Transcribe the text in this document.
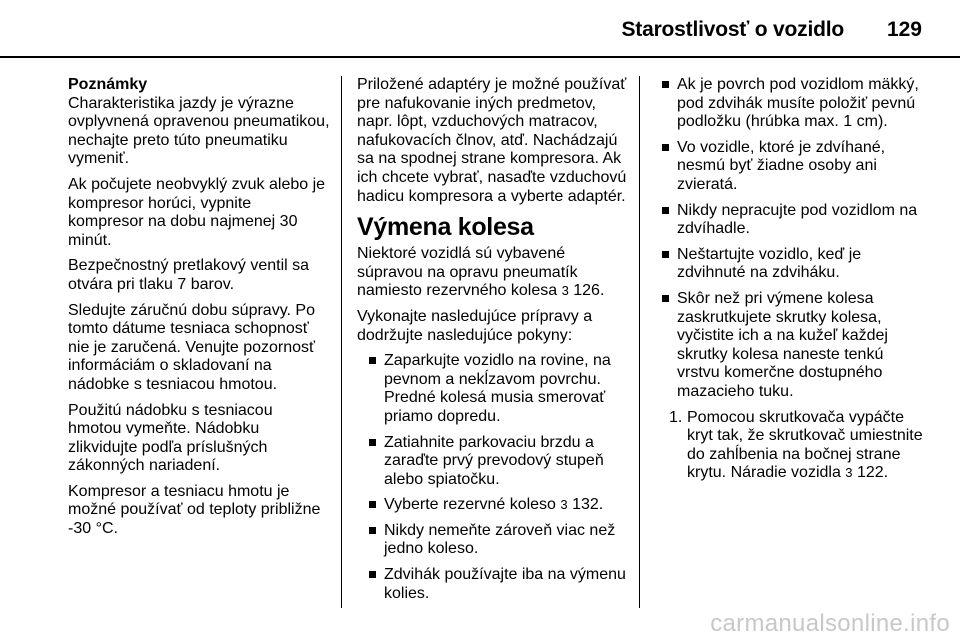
Starostlivosť o vozidlo 129

Poznámky

Charakteristika jazdy je výrazne ovplyvnená opravenou pneumatikou, nechajte preto túto pneumatiku vymeniť.

Ak počujete neobvyklý zvuk alebo je kompresor horúci, vypnite kompresor na dobu najmenej 30 minút.

Bezpečnostný pretlakový ventil sa otvára pri tlaku 7 barov.

Sledujte záručnú dobu súpravy. Po tomto dátume tesniaca schopnosť nie je zaručená. Venujte pozornosť informáciám o skladovaní na nádobke s tesniacou hmotou.

Použitú nádobku s tesniacou hmotou vymeňte. Nádobku zlikvidujte podľa príslušných zákonných nariadení.

Kompresor a tesniacu hmotu je možné používať od teploty približne -30 °C.

Priložené adaptéry je možné používať pre nafukovanie iných predmetov, napr. lôpt, vzduchových matracov, nafukovacích člnov, atď. Nachádzajú sa na spodnej strane kompresora. Ak ich chcete vybrať, nasaďte vzduchovú hadicu kompresora a vyberte adaptér.

Výmena kolesa

Niektoré vozidlá sú vybavené súpravou na opravu pneumatík namiesto rezervného kolesa 3 126.

Vykonajte nasledujúce prípravy a dodržujte nasledujúce pokyny:

Zaparkujte vozidlo na rovine, na pevnom a nekĺzavom povrchu. Predné kolesá musia smerovať priamo dopredu.
Zatiahnite parkovaciu brzdu a zaraďte prvý prevodový stupeň alebo spiatočku.
Vyberte rezervné koleso 3 132.
Nikdy nemeňte zároveň viac než jedno koleso.
Zdvihák používajte iba na výmenu kolies.
Ak je povrch pod vozidlom mäkký, pod zdvihák musíte položiť pevnú podložku (hrúbka max. 1 cm).
Vo vozidle, ktoré je zdvíhané, nesmú byť žiadne osoby ani zvieratá.
Nikdy nepracujte pod vozidlom na zdvíhadle.
Neštartujte vozidlo, keď je zdvihnuté na zdviháku.
Skôr než pri výmene kolesa zaskrutkujete skrutky kolesa, vyčistite ich a na kužeľ každej skrutky kolesa naneste tenkú vrstvu komerčne dostupného mazacieho tuku.
1. Pomocou skrutkovača vypáčte kryt tak, že skrutkovač umiestnite do zahĺbenia na bočnej strane krytu. Náradie vozidla 3 122.
carmanualsonline.info
